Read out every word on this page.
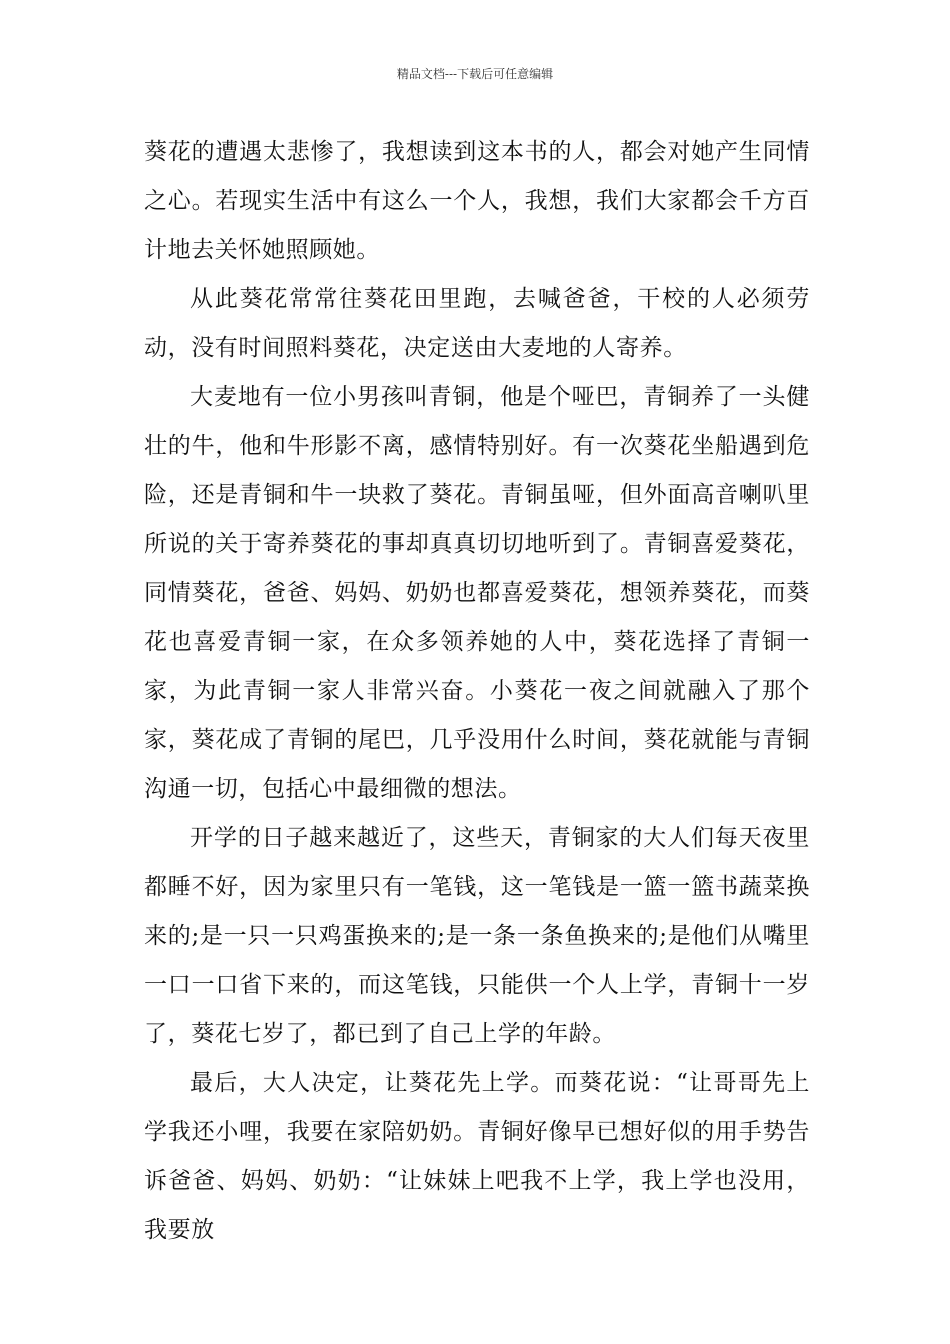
精品文档---下载后可任意编辑

葵花的遭遇太悲惨了，我想读到这本书的人，都会对她产生同情之心。若现实生活中有这么一个人，我想，我们大家都会千方百计地去关怀她照顾她。

从此葵花常常往葵花田里跑，去喊爸爸，干校的人必须劳动，没有时间照料葵花，决定送由大麦地的人寄养。

大麦地有一位小男孩叫青铜，他是个哑巴，青铜养了一头健壮的牛，他和牛形影不离，感情特别好。有一次葵花坐船遇到危险，还是青铜和牛一块救了葵花。青铜虽哑，但外面高音喇叭里所说的关于寄养葵花的事却真真切切地听到了。青铜喜爱葵花，同情葵花，爸爸、妈妈、奶奶也都喜爱葵花，想领养葵花，而葵花也喜爱青铜一家，在众多领养她的人中，葵花选择了青铜一家，为此青铜一家人非常兴奋。小葵花一夜之间就融入了那个家，葵花成了青铜的尾巴，几乎没用什么时间，葵花就能与青铜沟通一切，包括心中最细微的想法。

开学的日子越来越近了，这些天，青铜家的大人们每天夜里都睡不好，因为家里只有一笔钱，这一笔钱是一篮一篮书蔬菜换来的;是一只一只鸡蛋换来的;是一条一条鱼换来的;是他们从嘴里一口一口省下来的，而这笔钱，只能供一个人上学，青铜十一岁了，葵花七岁了，都已到了自己上学的年龄。

最后，大人决定，让葵花先上学。而葵花说：“让哥哥先上学我还小哩，我要在家陪奶奶。青铜好像早已想好似的用手势告诉爸爸、妈妈、奶奶：“让妹妹上吧我不上学，我上学也没用，我要放
